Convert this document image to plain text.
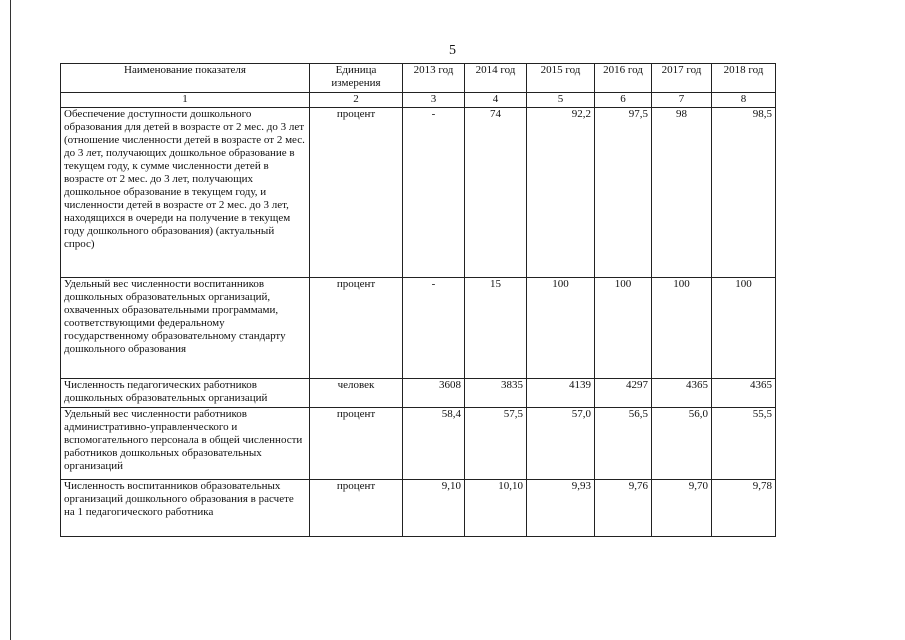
5
Наименование показателя	Единица измерения	2013 год	2014 год	2015 год	2016 год	2017 год	2018 год
1	2	3	4	5	6	7	8
Обеспечение доступности дошкольного образования для детей в возрасте от 2 мес. до 3 лет (отношение численности детей в возрасте от 2 мес. до 3 лет, получающих дошкольное образование в текущем году, к сумме численности детей в возрасте от 2 мес. до 3 лет, получающих дошкольное образование в текущем году, и численности детей в возрасте от 2 мес. до 3 лет, находящихся в очереди на получение в текущем году дошкольного образования) (актуальный спрос)	процент	-	74	92,2	97,5	98	98,5
Удельный вес численности воспитанников дошкольных образовательных организаций, охваченных образовательными программами, соответствующими федеральному государственному образовательному стандарту дошкольного образования	процент	-	15	100	100	100	100
Численность педагогических работников дошкольных образовательных организаций	человек	3608	3835	4139	4297	4365	4365
Удельный вес численности работников административно-управленческого и вспомогательного персонала в общей численности работников дошкольных образовательных организаций	процент	58,4	57,5	57,0	56,5	56,0	55,5
Численность воспитанников образовательных организаций дошкольного образования в расчете на 1 педагогического работника	процент	9,10	10,10	9,93	9,76	9,70	9,78
